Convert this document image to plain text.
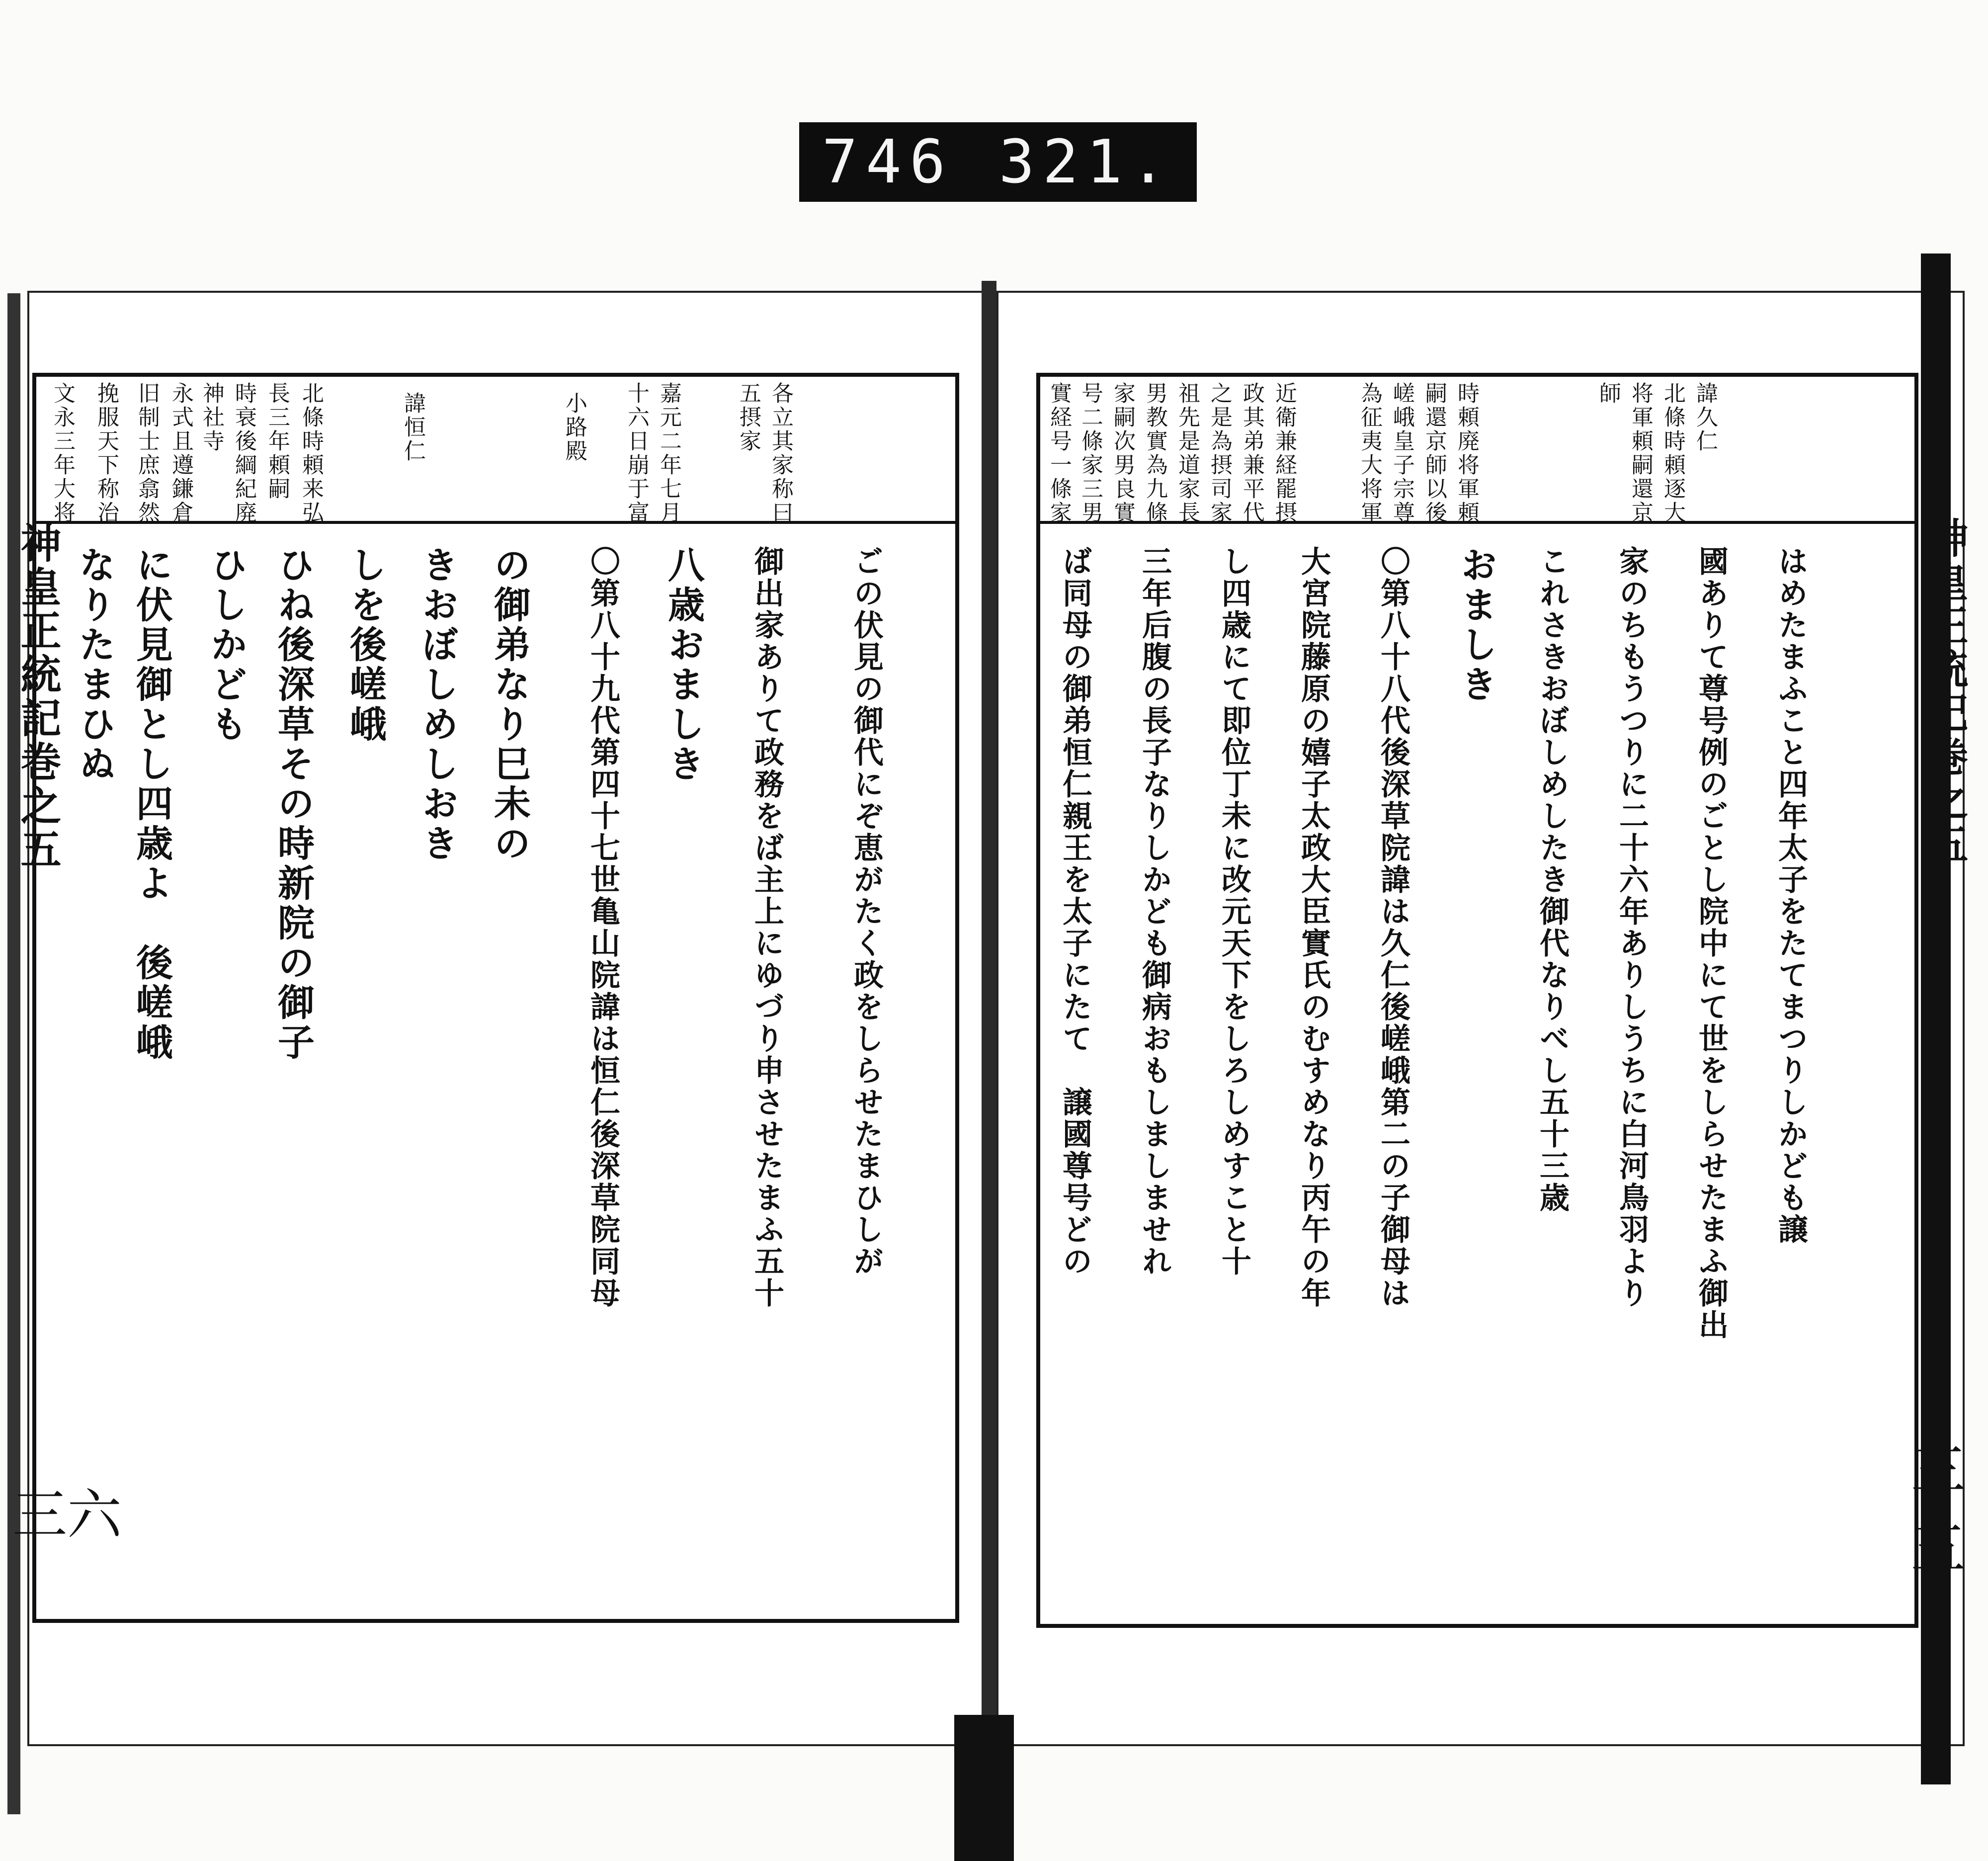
746 321.
文永三年大将 挽服天下称治 旧制士庶翕然 永式且遵鎌倉 神社寺 時衰後綱紀廃 長三年頼嗣 北條時頼来弘	諱恒仁	小路殿 十六日崩于富 嘉元二年七月 五摂家 各立其家称曰
なりたまひぬ に伏見御とし四歳よ　後嵯峨 ひしかども ひね後深草その時新院の御子 しを後嵯峨 きおぼしめしおき の御弟なり巳未の 〇第八十九代第四十七世亀山院諱は恒仁後深草院同母 八歳おましき 御出家ありて政務をば主上にゆづり申させたまふ五十 ごの伏見の御代にぞ恵がたく政をしらせたまひしが
實経号一條家 号二條家三男 家嗣次男良實 男教實為九條 祖先是道家長 之是為摂司家 政其弟兼平代 近衛兼経罷摂	為征夷大将軍 嵯峨皇子宗尊 嗣還京師以後 時頼廃将軍頼	師 将軍頼嗣還京 北條時頼逐大 諱久仁
ば同母の御弟恒仁親王を太子にたて　譲國尊号どの 三年后腹の長子なりしかども御病おもしましませれ し四歳にて即位丁未に改元天下をしろしめすこと十 大宮院藤原の嬉子太政大臣實氏のむすめなり丙午の年 〇第八十八代後深草院諱は久仁後嵯峨第二の子御母は おましき これさきおぼしめしたき御代なりべし五十三歳 家のちもうつりに二十六年ありしうちに白河鳥羽より 國ありて尊号例のごとし院中にて世をしらせたまふ御出 はめたまふこと四年太子をたてまつりしかども譲
神皇正統記巻之五
三六
神皇正統記巻之五
三五
